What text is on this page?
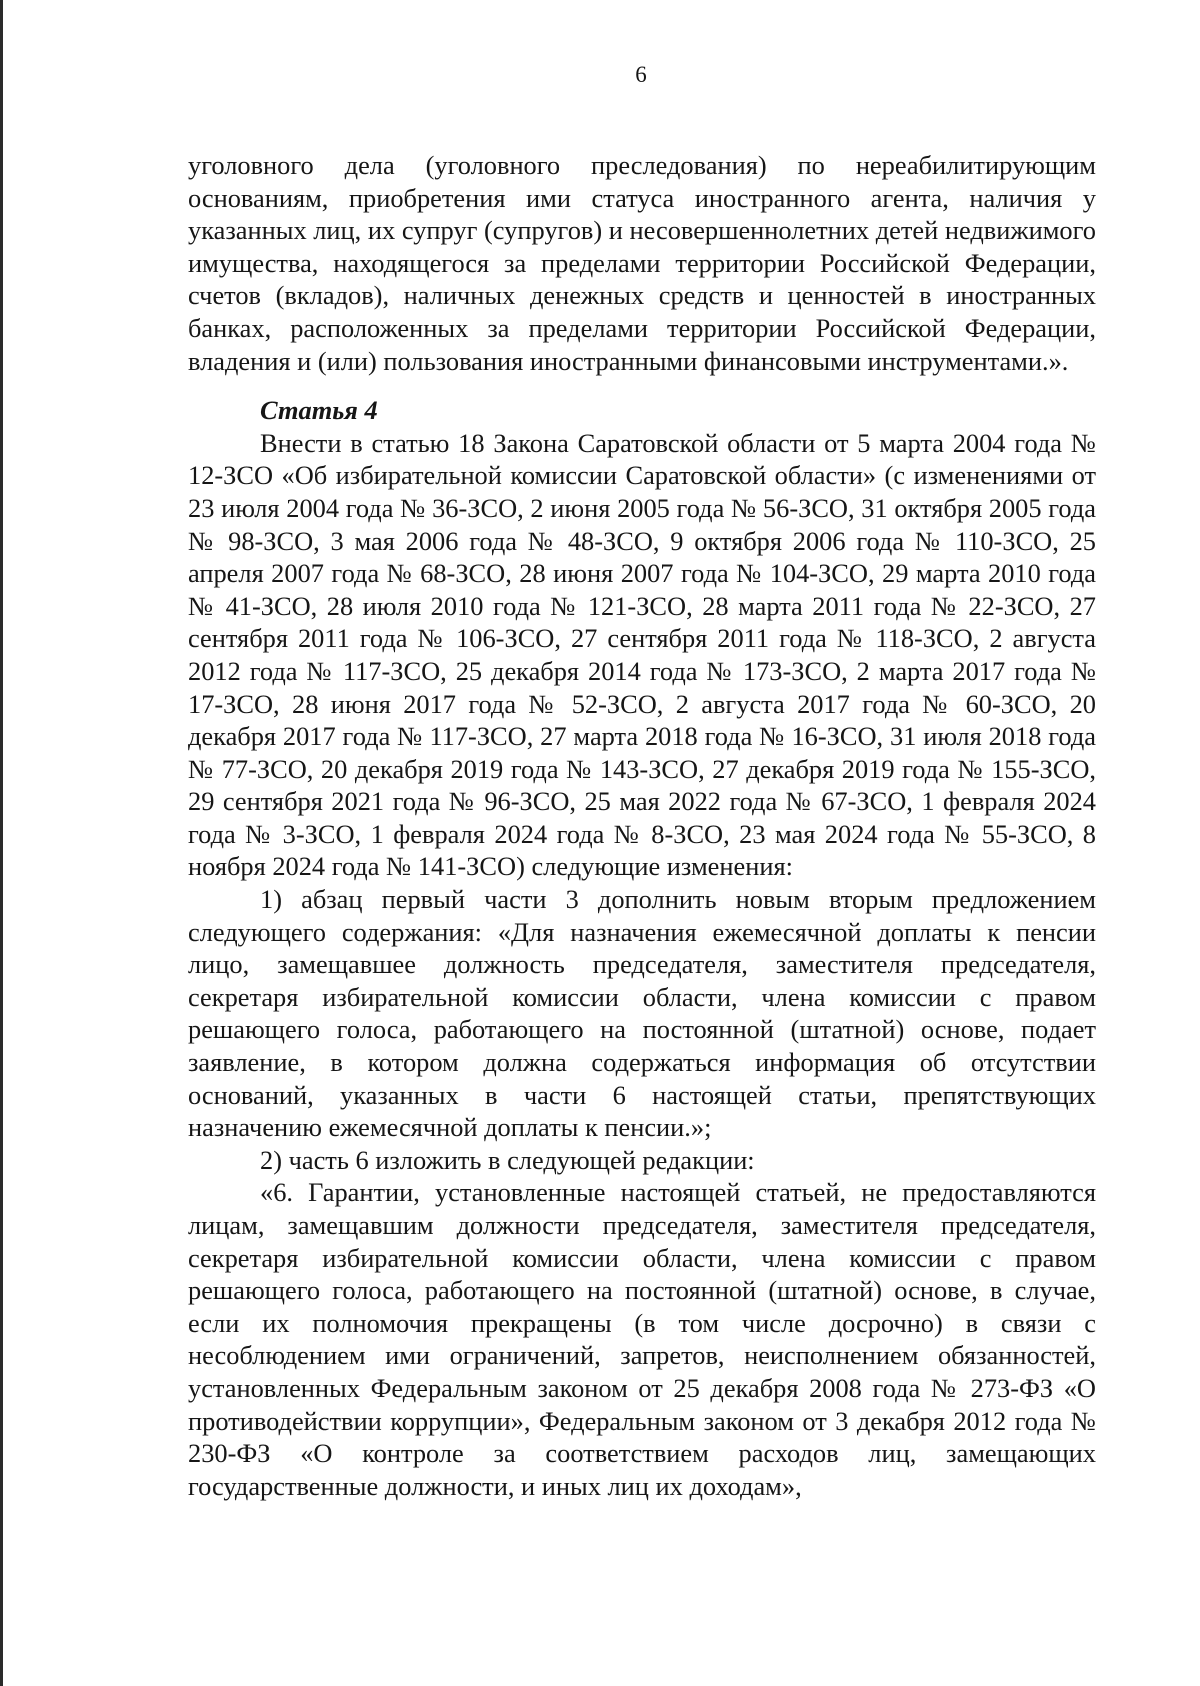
6

уголовного дела (уголовного преследования) по нереабилитирующим основаниям, приобретения ими статуса иностранного агента, наличия у указанных лиц, их супруг (супругов) и несовершеннолетних детей недвижимого имущества, находящегося за пределами территории Российской Федерации, счетов (вкладов), наличных денежных средств и ценностей в иностранных банках, расположенных за пределами территории Российской Федерации, владения и (или) пользования иностранными финансовыми инструментами.».

Статья 4

Внести в статью 18 Закона Саратовской области от 5 марта 2004 года № 12-ЗСО «Об избирательной комиссии Саратовской области» (с изменениями от 23 июля 2004 года № 36-ЗСО, 2 июня 2005 года № 56-ЗСО, 31 октября 2005 года № 98-ЗСО, 3 мая 2006 года № 48-ЗСО, 9 октября 2006 года № 110-ЗСО, 25 апреля 2007 года № 68-ЗСО, 28 июня 2007 года № 104-ЗСО, 29 марта 2010 года № 41-ЗСО, 28 июля 2010 года № 121-ЗСО, 28 марта 2011 года № 22-ЗСО, 27 сентября 2011 года № 106-ЗСО, 27 сентября 2011 года № 118-ЗСО, 2 августа 2012 года № 117-ЗСО, 25 декабря 2014 года № 173-ЗСО, 2 марта 2017 года № 17-ЗСО, 28 июня 2017 года № 52-ЗСО, 2 августа 2017 года № 60-ЗСО, 20 декабря 2017 года № 117-ЗСО, 27 марта 2018 года № 16-ЗСО, 31 июля 2018 года № 77-ЗСО, 20 декабря 2019 года № 143-ЗСО, 27 декабря 2019 года № 155-ЗСО, 29 сентября 2021 года № 96-ЗСО, 25 мая 2022 года № 67-ЗСО, 1 февраля 2024 года № 3-ЗСО, 1 февраля 2024 года № 8-ЗСО, 23 мая 2024 года № 55-ЗСО, 8 ноября 2024 года № 141-ЗСО) следующие изменения:

1) абзац первый части 3 дополнить новым вторым предложением следующего содержания: «Для назначения ежемесячной доплаты к пенсии лицо, замещавшее должность председателя, заместителя председателя, секретаря избирательной комиссии области, члена комиссии с правом решающего голоса, работающего на постоянной (штатной) основе, подает заявление, в котором должна содержаться информация об отсутствии оснований, указанных в части 6 настоящей статьи, препятствующих назначению ежемесячной доплаты к пенсии.»;

2) часть 6 изложить в следующей редакции:

«6. Гарантии, установленные настоящей статьей, не предоставляются лицам, замещавшим должности председателя, заместителя председателя, секретаря избирательной комиссии области, члена комиссии с правом решающего голоса, работающего на постоянной (штатной) основе, в случае, если их полномочия прекращены (в том числе досрочно) в связи с несоблюдением ими ограничений, запретов, неисполнением обязанностей, установленных Федеральным законом от 25 декабря 2008 года № 273-ФЗ «О противодействии коррупции», Федеральным законом от 3 декабря 2012 года № 230-ФЗ «О контроле за соответствием расходов лиц, замещающих государственные должности, и иных лиц их доходам»,
